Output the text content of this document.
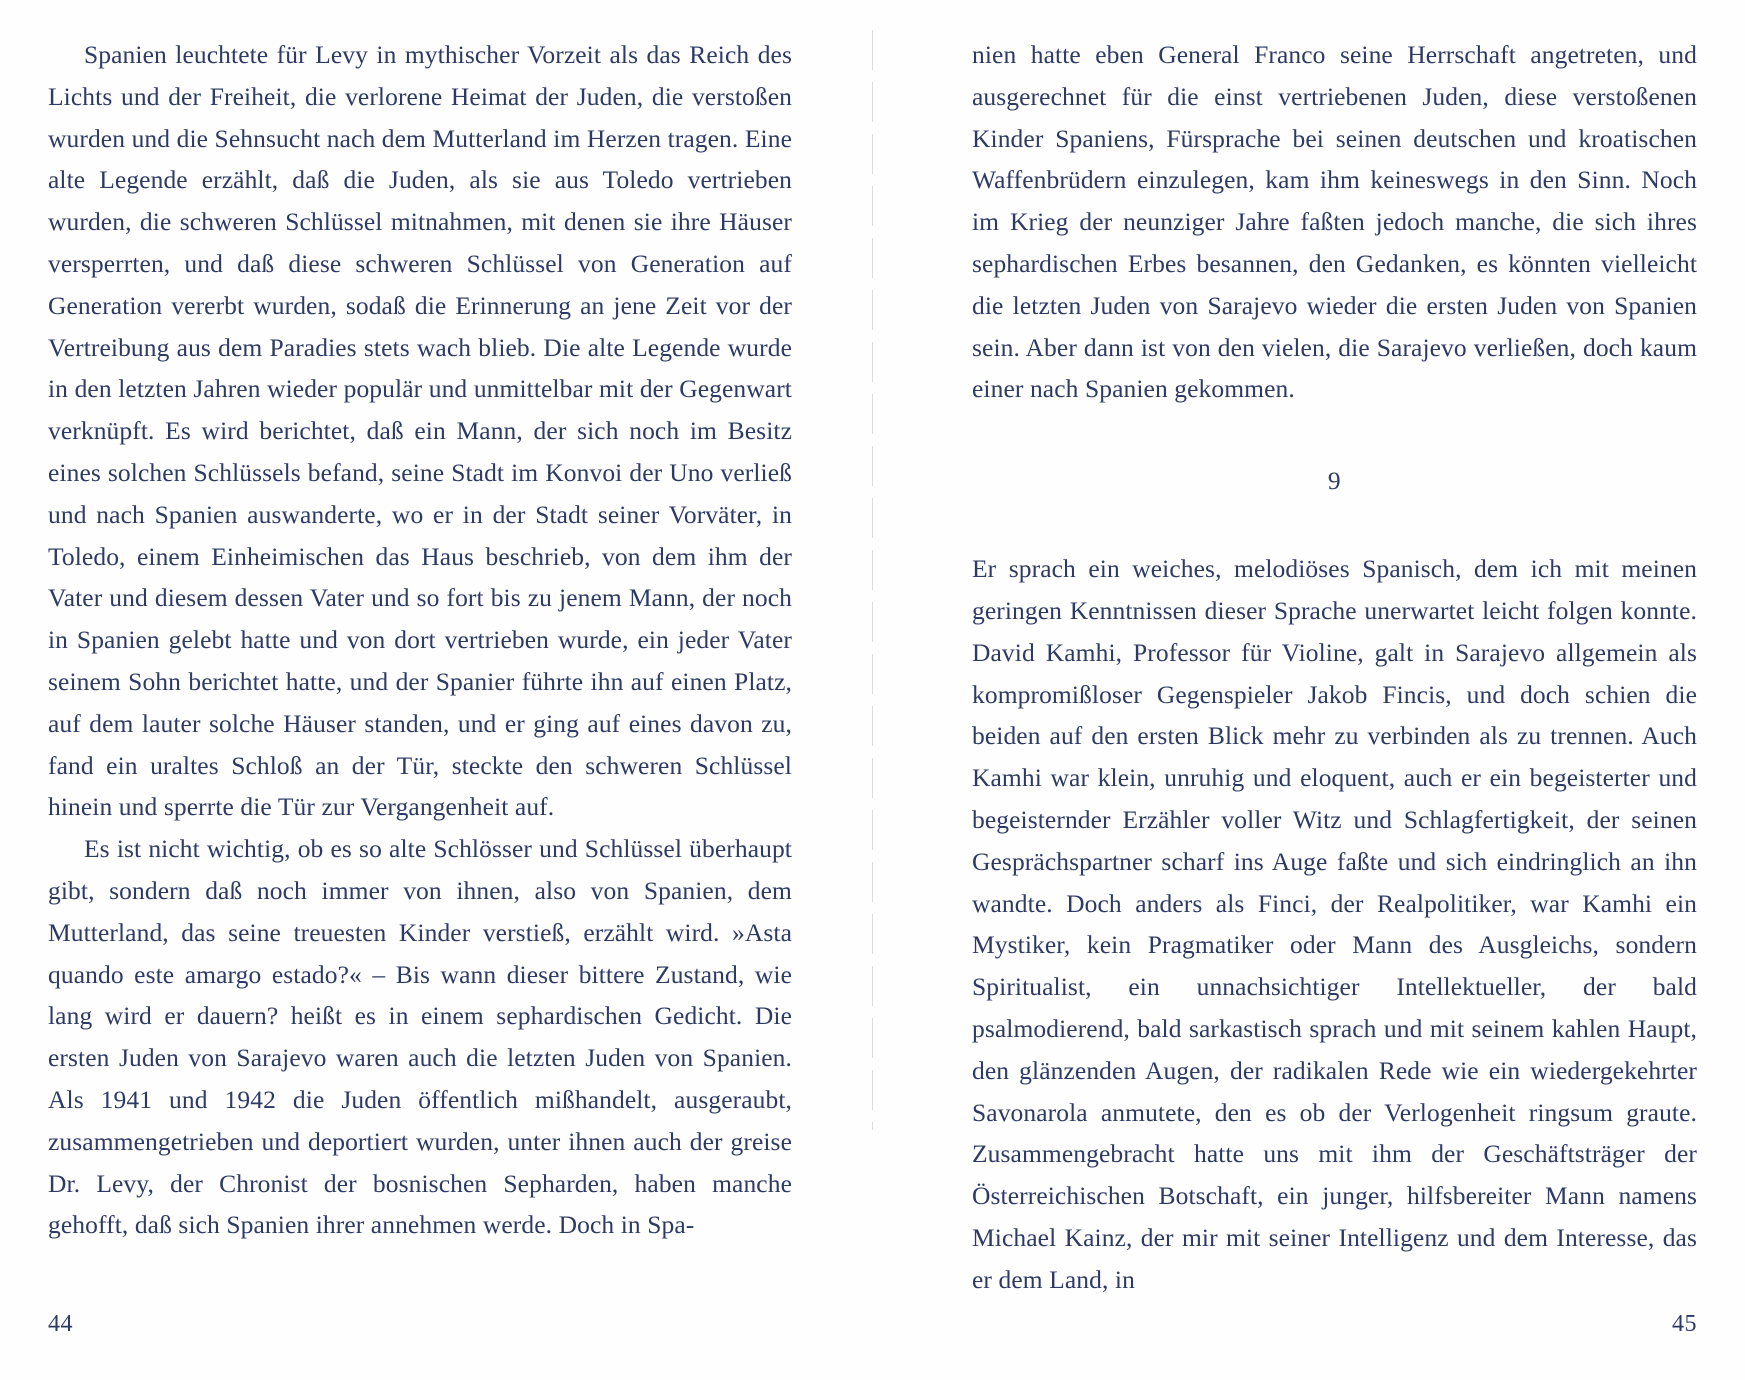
Spanien leuchtete für Levy in mythischer Vorzeit als das Reich des Lichts und der Freiheit, die verlorene Heimat der Juden, die verstoßen wurden und die Sehnsucht nach dem Mutterland im Herzen tragen. Eine alte Legende erzählt, daß die Juden, als sie aus Toledo vertrieben wurden, die schweren Schlüssel mitnahmen, mit denen sie ihre Häuser versperrten, und daß diese schweren Schlüssel von Generation auf Generation vererbt wurden, sodaß die Erinnerung an jene Zeit vor der Vertreibung aus dem Paradies stets wach blieb. Die alte Legende wurde in den letzten Jahren wieder populär und unmittelbar mit der Gegenwart verknüpft. Es wird berichtet, daß ein Mann, der sich noch im Besitz eines solchen Schlüssels befand, seine Stadt im Konvoi der Uno verließ und nach Spanien auswanderte, wo er in der Stadt seiner Vorväter, in Toledo, einem Einheimischen das Haus beschrieb, von dem ihm der Vater und diesem dessen Vater und so fort bis zu jenem Mann, der noch in Spanien gelebt hatte und von dort vertrieben wurde, ein jeder Vater seinem Sohn berichtet hatte, und der Spanier führte ihn auf einen Platz, auf dem lauter solche Häuser standen, und er ging auf eines davon zu, fand ein uraltes Schloß an der Tür, steckte den schweren Schlüssel hinein und sperrte die Tür zur Vergangenheit auf.

Es ist nicht wichtig, ob es so alte Schlösser und Schlüssel überhaupt gibt, sondern daß noch immer von ihnen, also von Spanien, dem Mutterland, das seine treuesten Kinder verstieß, erzählt wird. »Asta quando este amargo estado?« – Bis wann dieser bittere Zustand, wie lang wird er dauern? heißt es in einem sephardischen Gedicht. Die ersten Juden von Sarajevo waren auch die letzten Juden von Spanien. Als 1941 und 1942 die Juden öffentlich mißhandelt, ausgeraubt, zusammengetrieben und deportiert wurden, unter ihnen auch der greise Dr. Levy, der Chronist der bosnischen Sepharden, haben manche gehofft, daß sich Spanien ihrer annehmen werde. Doch in Spa-

44

nien hatte eben General Franco seine Herrschaft angetreten, und ausgerechnet für die einst vertriebenen Juden, diese verstoßenen Kinder Spaniens, Fürsprache bei seinen deutschen und kroatischen Waffenbrüdern einzulegen, kam ihm keineswegs in den Sinn. Noch im Krieg der neunziger Jahre faßten jedoch manche, die sich ihres sephardischen Erbes besannen, den Gedanken, es könnten vielleicht die letzten Juden von Sarajevo wieder die ersten Juden von Spanien sein. Aber dann ist von den vielen, die Sarajevo verließen, doch kaum einer nach Spanien gekommen.

9

Er sprach ein weiches, melodiöses Spanisch, dem ich mit meinen geringen Kenntnissen dieser Sprache unerwartet leicht folgen konnte. David Kamhi, Professor für Violine, galt in Sarajevo allgemein als kompromißloser Gegenspieler Jakob Fincis, und doch schien die beiden auf den ersten Blick mehr zu verbinden als zu trennen. Auch Kamhi war klein, unruhig und eloquent, auch er ein begeisterter und begeisternder Erzähler voller Witz und Schlagfertigkeit, der seinen Gesprächspartner scharf ins Auge faßte und sich eindringlich an ihn wandte. Doch anders als Finci, der Realpolitiker, war Kamhi ein Mystiker, kein Pragmatiker oder Mann des Ausgleichs, sondern Spiritualist, ein unnachsichtiger Intellektueller, der bald psalmodierend, bald sarkastisch sprach und mit seinem kahlen Haupt, den glänzenden Augen, der radikalen Rede wie ein wiedergekehrter Savonarola anmutete, den es ob der Verlogenheit ringsum graute. Zusammengebracht hatte uns mit ihm der Geschäftsträger der Österreichischen Botschaft, ein junger, hilfsbereiter Mann namens Michael Kainz, der mir mit seiner Intelligenz und dem Interesse, das er dem Land, in

45
